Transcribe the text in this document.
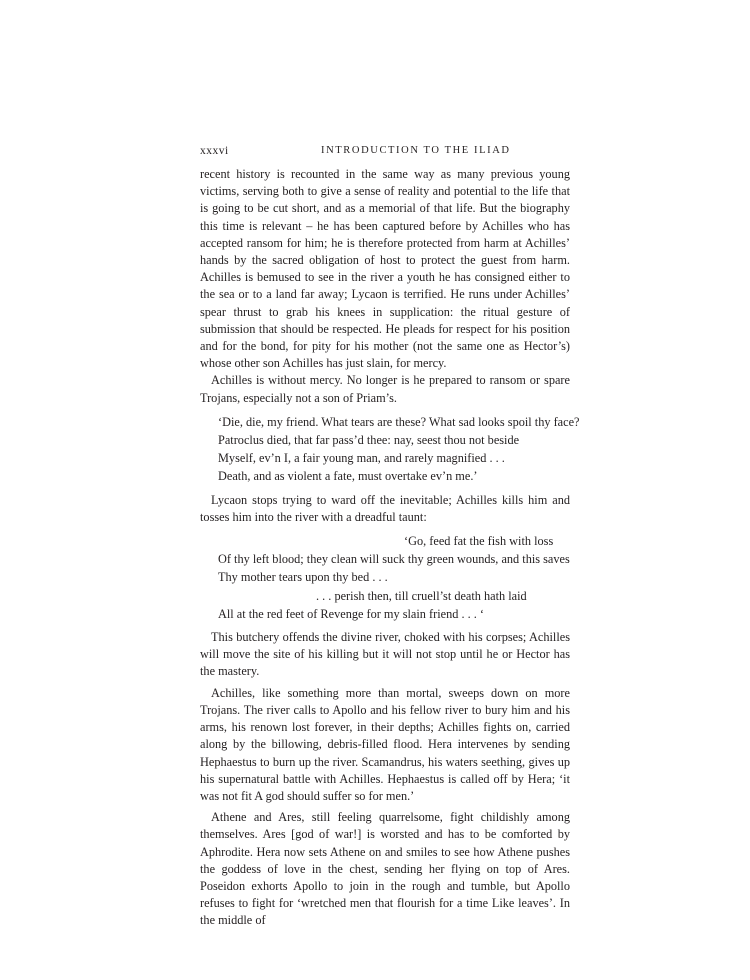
xxxvi	INTRODUCTION TO THE ILIAD

recent history is recounted in the same way as many previous young victims, serving both to give a sense of reality and potential to the life that is going to be cut short, and as a memorial of that life. But the biography this time is relevant – he has been captured before by Achilles who has accepted ransom for him; he is therefore protected from harm at Achilles’ hands by the sacred obligation of host to protect the guest from harm. Achilles is bemused to see in the river a youth he has consigned either to the sea or to a land far away; Lycaon is terrified. He runs under Achilles’ spear thrust to grab his knees in supplication: the ritual gesture of submission that should be respected. He pleads for respect for his position and for the bond, for pity for his mother (not the same one as Hector’s) whose other son Achilles has just slain, for mercy.

Achilles is without mercy. No longer is he prepared to ransom or spare Trojans, especially not a son of Priam’s.

‘Die, die, my friend. What tears are these? What sad looks spoil thy face?
Patroclus died, that far pass’d thee: nay, seest thou not beside
Myself, ev’n I, a fair young man, and rarely magnified . . .
Death, and as violent a fate, must overtake ev’n me.’

Lycaon stops trying to ward off the inevitable; Achilles kills him and tosses him into the river with a dreadful taunt:

‘Go, feed fat the fish with loss
Of thy left blood; they clean will suck thy green wounds, and this saves
Thy mother tears upon thy bed . . .
. . . perish then, till cruell’st death hath laid
All at the red feet of Revenge for my slain friend . . . ‘

This butchery offends the divine river, choked with his corpses; Achilles will move the site of his killing but it will not stop until he or Hector has the mastery.

Achilles, like something more than mortal, sweeps down on more Trojans. The river calls to Apollo and his fellow river to bury him and his arms, his renown lost forever, in their depths; Achilles fights on, carried along by the billowing, debris-filled flood. Hera intervenes by sending Hephaestus to burn up the river. Scamandrus, his waters seething, gives up his supernatural battle with Achilles. Hephaestus is called off by Hera; ‘it was not fit A god should suffer so for men.’

Athene and Ares, still feeling quarrelsome, fight childishly among themselves. Ares [god of war!] is worsted and has to be comforted by Aphrodite. Hera now sets Athene on and smiles to see how Athene pushes the goddess of love in the chest, sending her flying on top of Ares. Poseidon exhorts Apollo to join in the rough and tumble, but Apollo refuses to fight for ‘wretched men that flourish for a time Like leaves’. In the middle of
